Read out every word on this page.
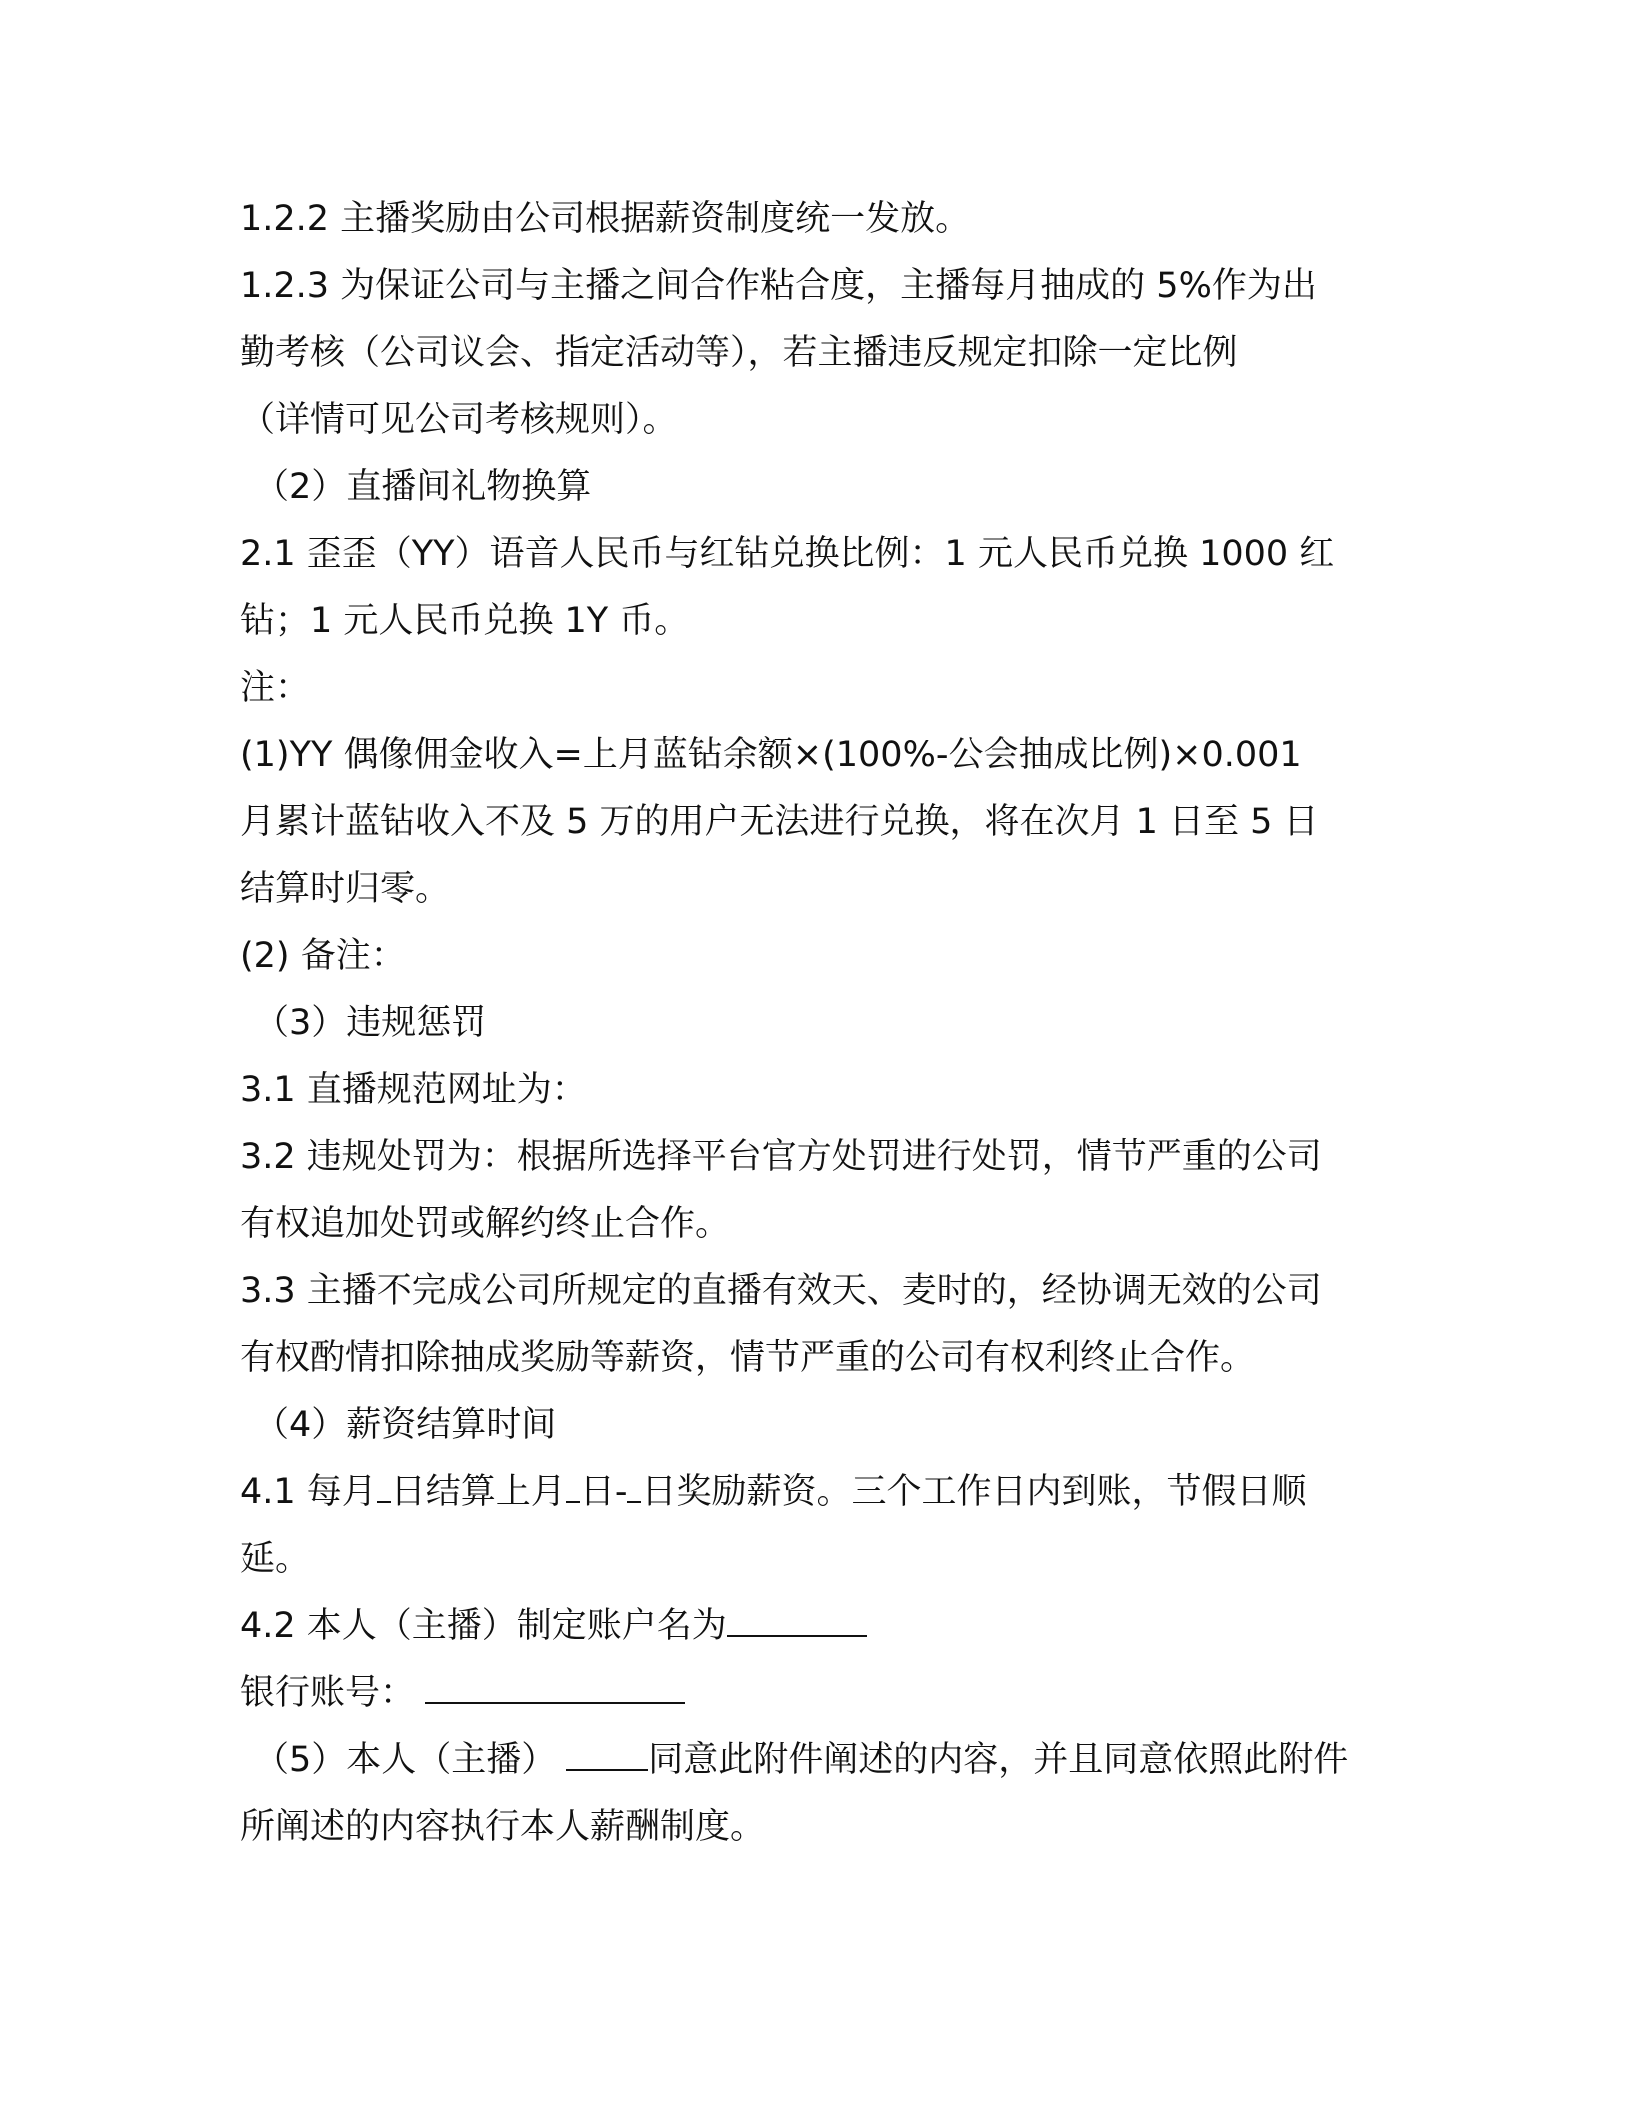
1.2.2 主播奖励由公司根据薪资制度统一发放。
1.2.3 为保证公司与主播之间合作粘合度，主播每月抽成的 5%作为出
勤考核（公司议会、指定活动等），若主播违反规定扣除一定比例
（详情可见公司考核规则）。
（2）直播间礼物换算
2.1 歪歪（YY）语音人民币与红钻兑换比例：1 元人民币兑换 1000 红
钻；1 元人民币兑换 1Y 币。
注：
(1)YY 偶像佣金收入=上月蓝钻余额×(100%-公会抽成比例)×0.001
月累计蓝钻收入不及 5 万的用户无法进行兑换，将在次月 1 日至 5 日
结算时归零。
(2) 备注：
（3）违规惩罚
3.1 直播规范网址为：
3.2 违规处罚为：根据所选择平台官方处罚进行处罚，情节严重的公司
有权追加处罚或解约终止合作。
3.3 主播不完成公司所规定的直播有效天、麦时的，经协调无效的公司
有权酌情扣除抽成奖励等薪资，情节严重的公司有权利终止合作。
（4）薪资结算时间
4.1 每月 日结算上月 日- 日奖励薪资。三个工作日内到账，节假日顺
延。
4.2 本人（主播）制定账户名为
银行账号：
（5）本人（主播）	同意此附件阐述的内容，并且同意依照此附件
所阐述的内容执行本人薪酬制度。
